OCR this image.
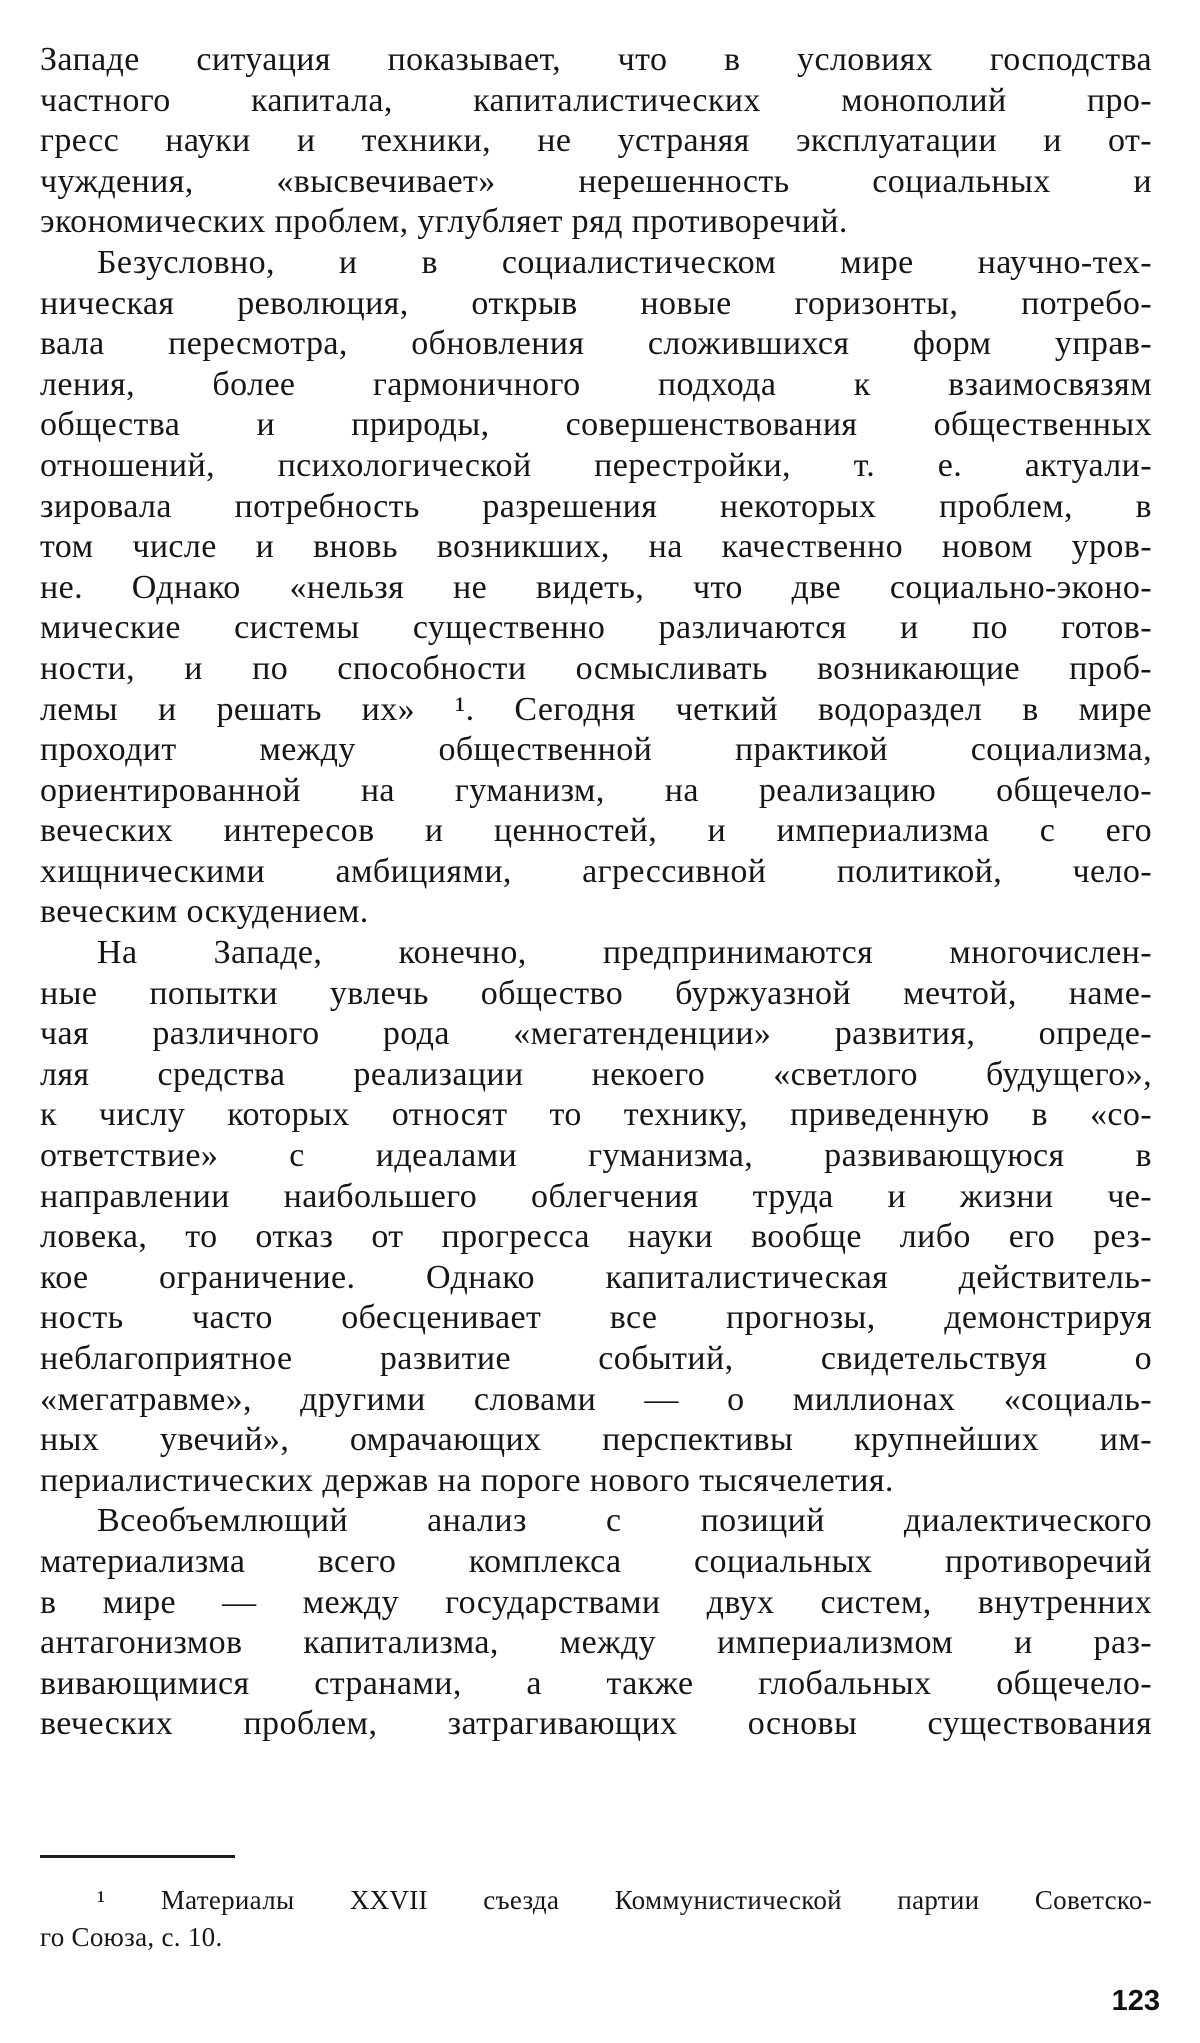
Западе ситуация показывает, что в условиях господства
частного капитала, капиталистических монополий про-
гресс науки и техники, не устраняя эксплуатации и от-
чуждения, «высвечивает» нерешенность социальных и
экономических проблем, углубляет ряд противоречий.
Безусловно, и в социалистическом мире научно-тех-
ническая революция, открыв новые горизонты, потребо-
вала пересмотра, обновления сложившихся форм управ-
ления, более гармоничного подхода к взаимосвязям
общества и природы, совершенствования общественных
отношений, психологической перестройки, т. е. актуали-
зировала потребность разрешения некоторых проблем, в
том числе и вновь возникших, на качественно новом уров-
не. Однако «нельзя не видеть, что две социально-эконо-
мические системы существенно различаются и по готов-
ности, и по способности осмысливать возникающие проб-
лемы и решать их» ¹. Сегодня четкий водораздел в мире
проходит между общественной практикой социализма,
ориентированной на гуманизм, на реализацию общечело-
веческих интересов и ценностей, и империализма с его
хищническими амбициями, агрессивной политикой, чело-
веческим оскудением.
На Западе, конечно, предпринимаются многочислен-
ные попытки увлечь общество буржуазной мечтой, наме-
чая различного рода «мегатенденции» развития, опреде-
ляя средства реализации некоего «светлого будущего»,
к числу которых относят то технику, приведенную в «со-
ответствие» с идеалами гуманизма, развивающуюся в
направлении наибольшего облегчения труда и жизни че-
ловека, то отказ от прогресса науки вообще либо его рез-
кое ограничение. Однако капиталистическая действитель-
ность часто обесценивает все прогнозы, демонстрируя
неблагоприятное развитие событий, свидетельствуя о
«мегатравме», другими словами — о миллионах «социаль-
ных увечий», омрачающих перспективы крупнейших им-
периалистических держав на пороге нового тысячелетия.
Всеобъемлющий анализ с позиций диалектического
материализма всего комплекса социальных противоречий
в мире — между государствами двух систем, внутренних
антагонизмов капитализма, между империализмом и раз-
вивающимися странами, а также глобальных общечело-
веческих проблем, затрагивающих основы существования
¹ Материалы XXVII съезда Коммунистической партии Советско-
го Союза, с. 10.
123
